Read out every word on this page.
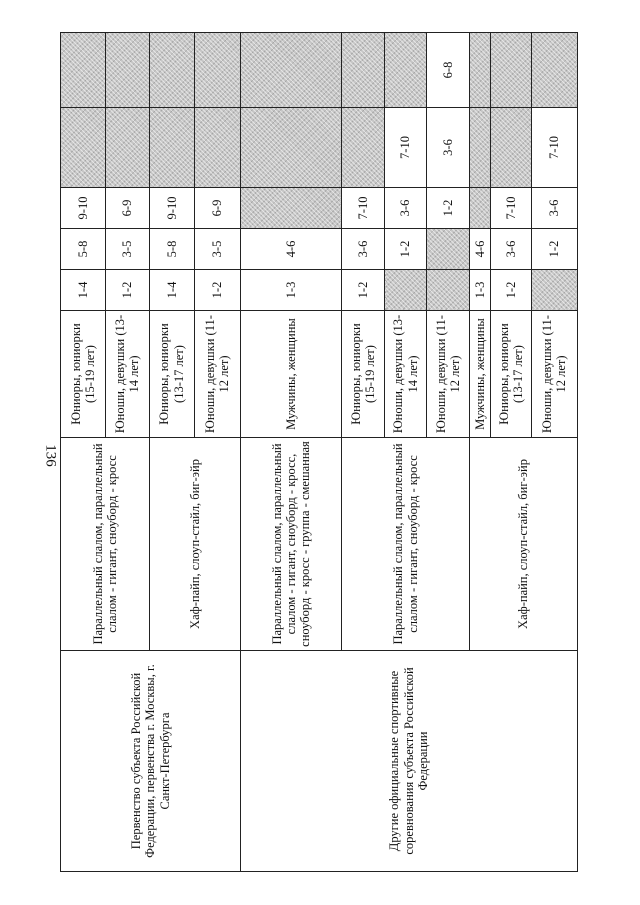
136
Первенство субъекта Российской Федерации, первенства г. Москвы, г. Санкт-Петербурга	Параллельный слалом, параллельный слалом - гигант, сноуборд - кросс	Юниоры, юниорки (15-19 лет)	1-4	5-8	9-10		
		Юноши, девушки (13-14 лет)	1-2	3-5	6-9		
	Хаф-пайп, слоуп-стайл, биг-эйр	Юниоры, юниорки (13-17 лет)	1-4	5-8	9-10		
		Юноши, девушки (11-12 лет)	1-2	3-5	6-9		
Другие официальные спортивные соревнования субъекта Российской Федерации	Параллельный слалом, параллельный слалом - гигант, сноуборд - кросс, сноуборд - кросс - группа - смешанная	Мужчины, женщины	1-3	4-6			
	Параллельный слалом, параллельный слалом - гигант, сноуборд - кросс	Юниоры, юниорки (15-19 лет)	1-2	3-6	7-10		
		Юноши, девушки (13-14 лет)		1-2	3-6	7-10	
		Юноши, девушки (11-12 лет)			1-2	3-6	6-8
	Хаф-пайп, слоуп-стайл, биг-эйр	Мужчины, женщины	1-3	4-6			
		Юниоры, юниорки (13-17 лет)	1-2	3-6	7-10		
		Юноши, девушки (11-12 лет)		1-2	3-6	7-10	
